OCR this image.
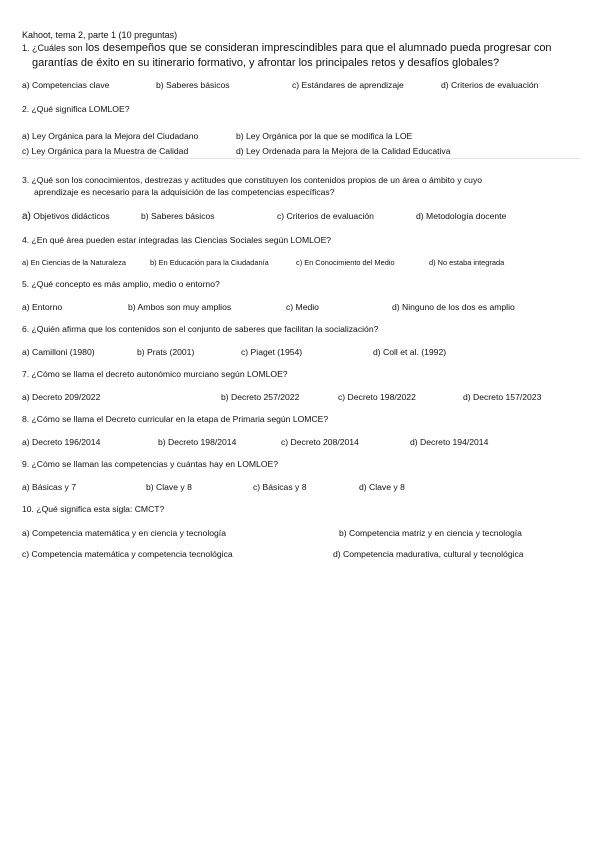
Kahoot, tema 2, parte 1 (10 preguntas)
1. ¿Cuáles son los desempeños que se consideran imprescindibles para que el alumnado pueda progresar con
garantías de éxito en su itinerario formativo, y afrontar los principales retos y desafíos globales?
a) Competencias clave	b) Saberes básicos	c) Estándares de aprendizaje	d) Criterios de evaluación
2. ¿Qué significa LOMLOE?
a) Ley Orgánica para la Mejora del Ciudadano	b) Ley Orgánica por la que se modifica la LOE
c) Ley Orgánica para la Muestra de Calidad	d) Ley Ordenada para la Mejora de la Calidad Educativa
3. ¿Qué son los conocimientos, destrezas y actitudes que constituyen los contenidos propios de un área o ámbito y cuyo
aprendizaje es necesario para la adquisición de las competencias específicas?
a) Objetivos didácticos	b) Saberes básicos	c) Criterios de evaluación	d) Metodología docente
4. ¿En qué área pueden estar integradas las Ciencias Sociales según LOMLOE?
a) En Ciencias de la Naturaleza	b) En Educación para la Ciudadanía	c) En Conocimiento del Medio	d) No estaba integrada
5. ¿Qué concepto es más amplio, medio o entorno?
a) Entorno	b) Ambos son muy amplios	c) Medio	d) Ninguno de los dos es amplio
6. ¿Quién afirma que los contenidos son el conjunto de saberes que facilitan la socialización?
a) Camilloni (1980)	b) Prats (2001)	c) Piaget (1954)	d) Coll et al. (1992)
7. ¿Cómo se llama el decreto autonómico murciano según LOMLOE?
a) Decreto 209/2022	b) Decreto 257/2022	c) Decreto 198/2022	d) Decreto 157/2023
8. ¿Cómo se llama el Decreto curricular en la etapa de Primaria según LOMCE?
a) Decreto 196/2014	b) Decreto 198/2014	c) Decreto 208/2014	d) Decreto 194/2014
9. ¿Cómo se llaman las competencias y cuántas hay en LOMLOE?
a) Básicas y 7	b) Clave y 8	c) Básicas y 8	d) Clave y 8
10. ¿Qué significa esta sigla: CMCT?
a) Competencia matemática y en ciencia y tecnología	b) Competencia matriz y en ciencia y tecnología
c) Competencia matemática y competencia tecnológica	d) Competencia madurativa, cultural y tecnológica
